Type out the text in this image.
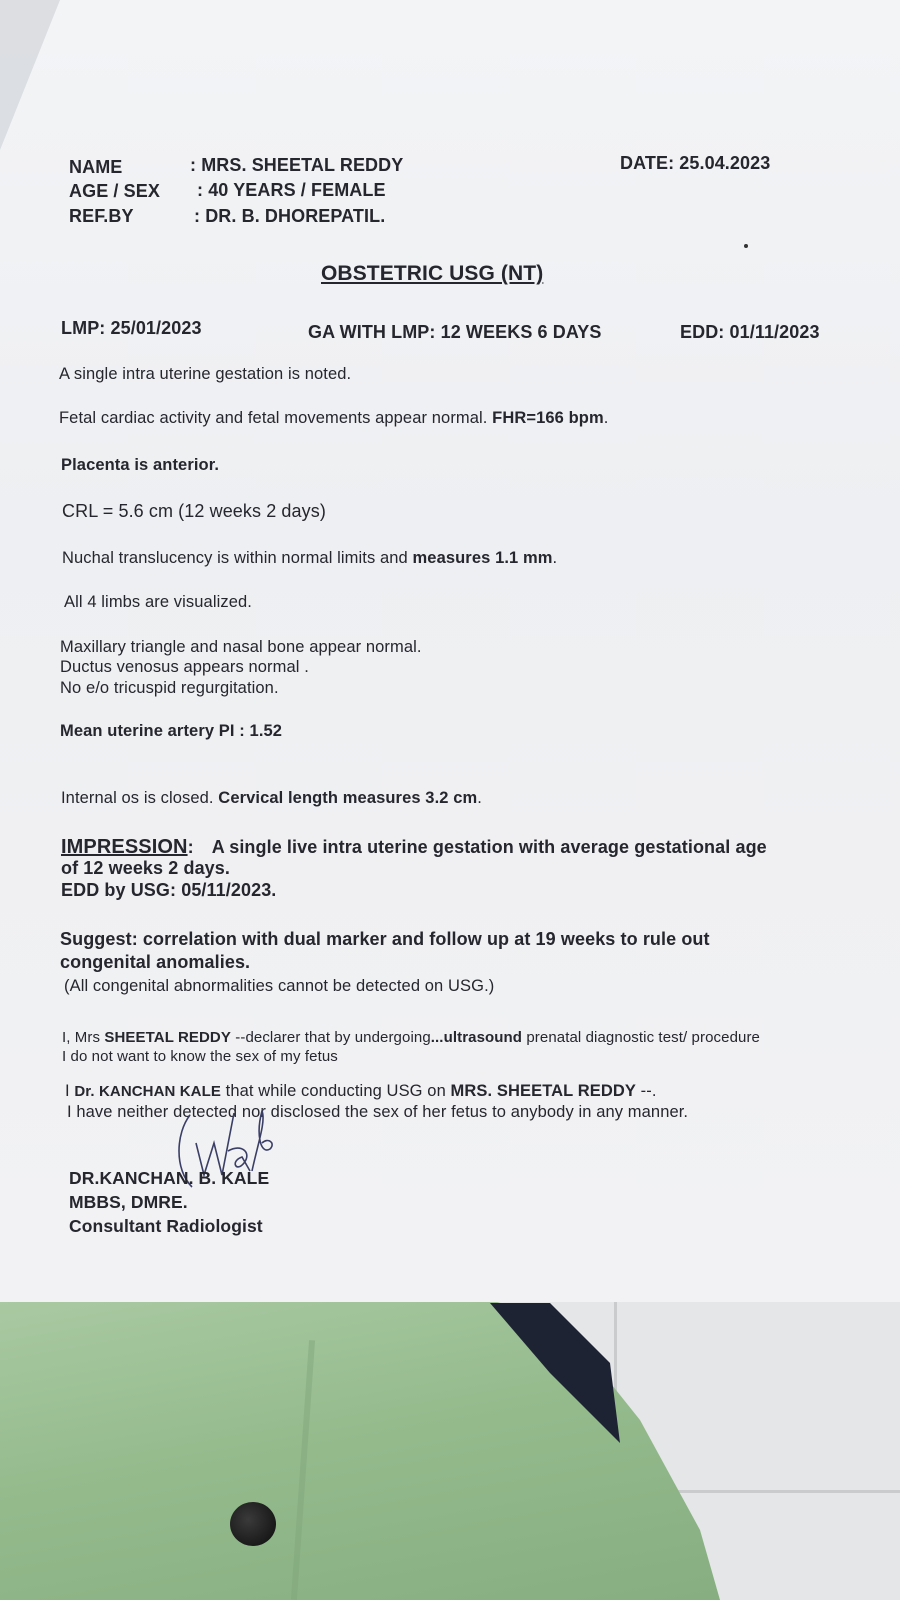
NAME	: MRS. SHEETAL REDDY	DATE: 25.04.2023
AGE / SEX : 40 YEARS / FEMALE
REF.BY	: DR. B. DHOREPATIL.
OBSTETRIC USG (NT)
LMP: 25/01/2023	GA WITH LMP: 12 WEEKS 6 DAYS	EDD: 01/11/2023
A single intra uterine gestation is noted.
Fetal cardiac activity and fetal movements appear normal. FHR=166 bpm.
Placenta is anterior.
CRL = 5.6 cm (12 weeks 2 days)
Nuchal translucency is within normal limits and measures 1.1 mm.
All 4 limbs are visualized.
Maxillary triangle and nasal bone appear normal.
Ductus venosus appears normal .
No e/o tricuspid regurgitation.
Mean uterine artery PI : 1.52
Internal os is closed. Cervical length measures 3.2 cm.
IMPRESSION: A single live intra uterine gestation with average gestational age
of 12 weeks 2 days.
EDD by USG: 05/11/2023.
Suggest: correlation with dual marker and follow up at 19 weeks to rule out
congenital anomalies.
(All congenital abnormalities cannot be detected on USG.)
I, Mrs SHEETAL REDDY --declarer that by undergoing...ultrasound prenatal diagnostic test/ procedure
I do not want to know the sex of my fetus
I Dr. KANCHAN KALE that while conducting USG on MRS. SHEETAL REDDY --.
I have neither detected nor disclosed the sex of her fetus to anybody in any manner.
DR.KANCHAN. B. KALE
MBBS, DMRE.
Consultant Radiologist
